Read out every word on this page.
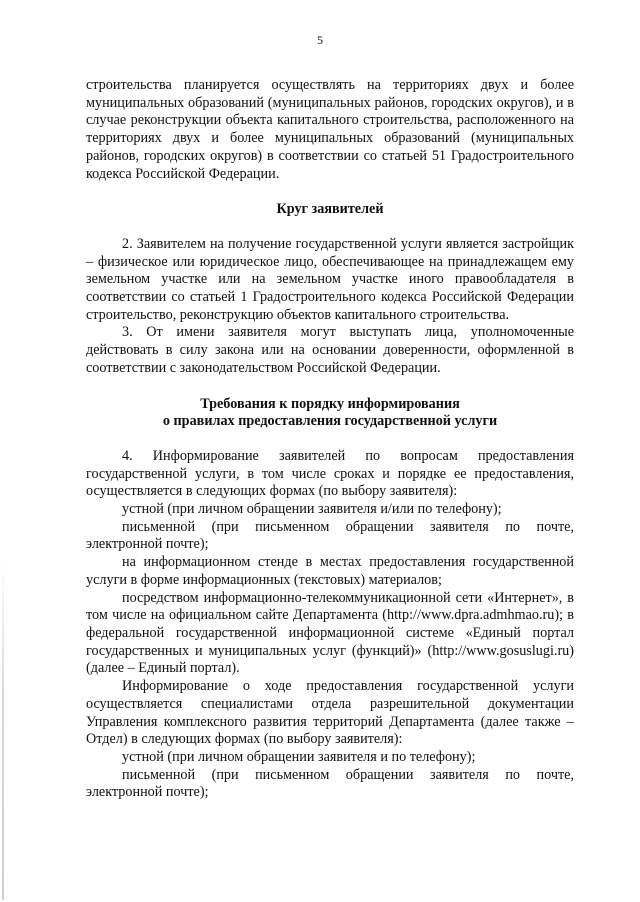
5

строительства планируется осуществлять на территориях двух и более муниципальных образований (муниципальных районов, городских округов), и в случае реконструкции объекта капитального строительства, расположенного на территориях двух и более муниципальных образований (муниципальных районов, городских округов) в соответствии со статьей 51 Градостроительного кодекса Российской Федерации.

Круг заявителей

2. Заявителем на получение государственной услуги является застройщик – физическое или юридическое лицо, обеспечивающее на принадлежащем ему земельном участке или на земельном участке иного правообладателя в соответствии со статьей 1 Градостроительного кодекса Российской Федерации строительство, реконструкцию объектов капитального строительства.

3. От имени заявителя могут выступать лица, уполномоченные действовать в силу закона или на основании доверенности, оформленной в соответствии с законодательством Российской Федерации.

Требования к порядку информирования
о правилах предоставления государственной услуги

4. Информирование заявителей по вопросам предоставления государственной услуги, в том числе сроках и порядке ее предоставления, осуществляется в следующих формах (по выбору заявителя):

устной (при личном обращении заявителя и/или по телефону);

письменной (при письменном обращении заявителя по почте, электронной почте);

на информационном стенде в местах предоставления государственной услуги в форме информационных (текстовых) материалов;

посредством информационно-телекоммуникационной сети «Интернет», в том числе на официальном сайте Департамента (http://www.dpra.admhmao.ru); в федеральной государственной информационной системе «Единый портал государственных и муниципальных услуг (функций)» (http://www.gosuslugi.ru) (далее – Единый портал).

Информирование о ходе предоставления государственной услуги осуществляется специалистами отдела разрешительной документации Управления комплексного развития территорий Департамента (далее также – Отдел) в следующих формах (по выбору заявителя):

устной (при личном обращении заявителя и по телефону);

письменной (при письменном обращении заявителя по почте, электронной почте);
